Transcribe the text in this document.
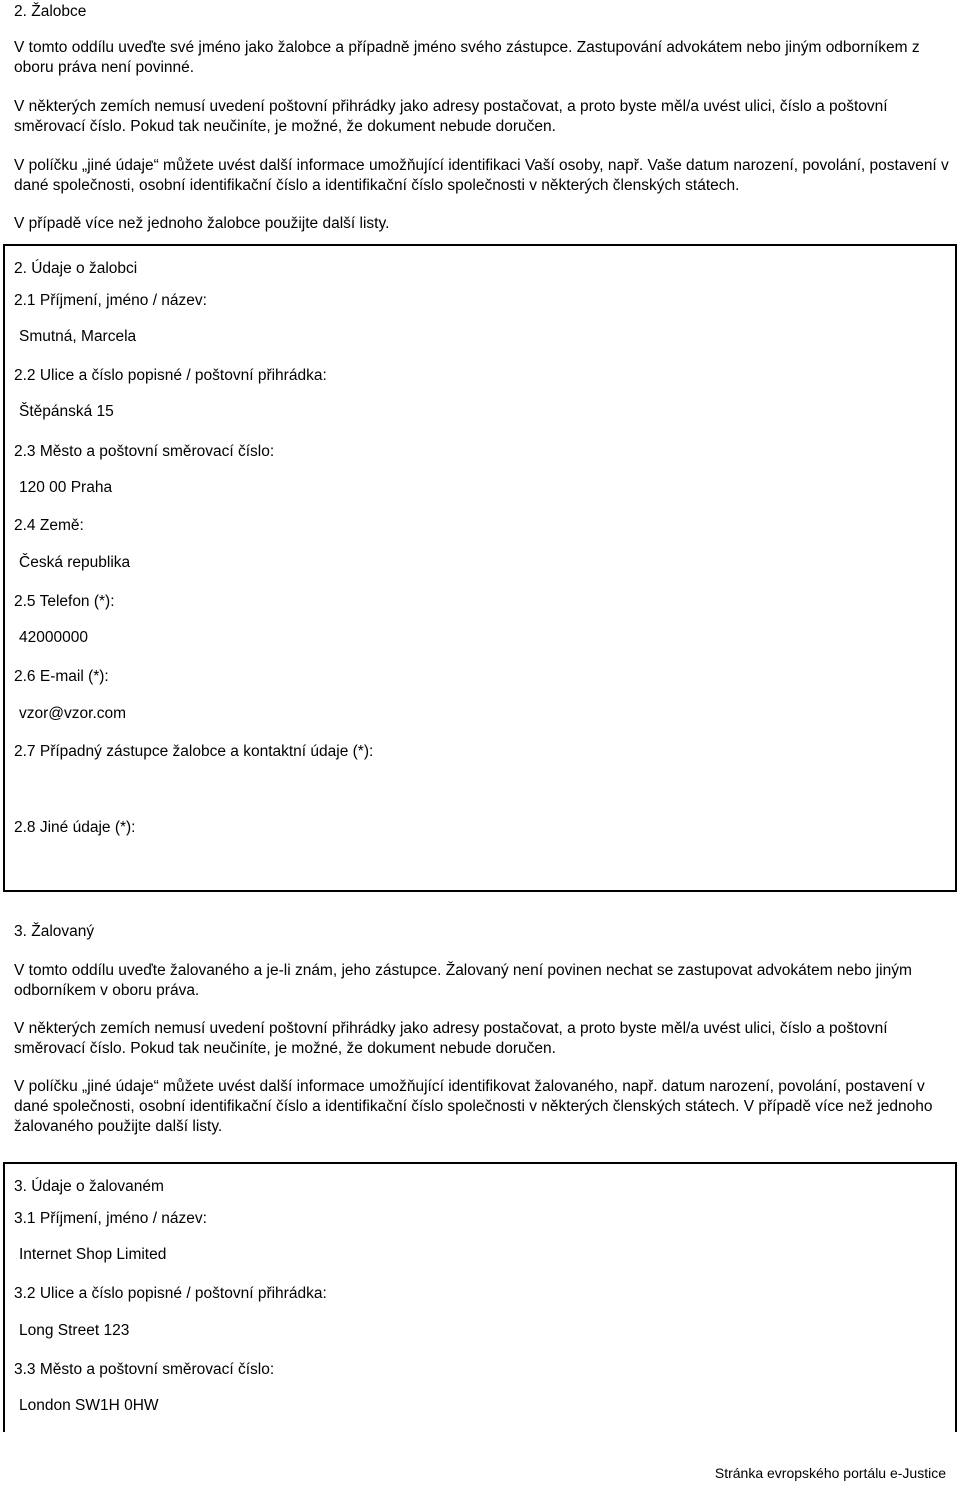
2. Žalobce
V tomto oddílu uveďte své jméno jako žalobce a případně jméno svého zástupce. Zastupování advokátem nebo jiným odborníkem z oboru práva není povinné.
V některých zemích nemusí uvedení poštovní přihrádky jako adresy postačovat, a proto byste měl/a uvést ulici, číslo a poštovní směrovací číslo. Pokud tak neučiníte, je možné, že dokument nebude doručen.
V políčku „jiné údaje“ můžete uvést další informace umožňující identifikaci Vaší osoby, např. Vaše datum narození, povolání, postavení v dané společnosti, osobní identifikační číslo a identifikační číslo společnosti v některých členských státech.
V případě více než jednoho žalobce použijte další listy.
2. Údaje o žalobci
2.1 Příjmení, jméno / název:
Smutná, Marcela
2.2 Ulice a číslo popisné / poštovní přihrádka:
Štěpánská 15
2.3 Město a poštovní směrovací číslo:
120 00 Praha
2.4 Země:
Česká republika
2.5 Telefon (*):
42000000
2.6 E-mail (*):
vzor@vzor.com
2.7 Případný zástupce žalobce a kontaktní údaje (*):
2.8 Jiné údaje (*):
3. Žalovaný
V tomto oddílu uveďte žalovaného a je-li znám, jeho zástupce. Žalovaný není povinen nechat se zastupovat advokátem nebo jiným odborníkem v oboru práva.
V některých zemích nemusí uvedení poštovní přihrádky jako adresy postačovat, a proto byste měl/a uvést ulici, číslo a poštovní směrovací číslo. Pokud tak neučiníte, je možné, že dokument nebude doručen.
V políčku „jiné údaje“ můžete uvést další informace umožňující identifikovat žalovaného, např. datum narození, povolání, postavení v dané společnosti, osobní identifikační číslo a identifikační číslo společnosti v některých členských státech. V případě více než jednoho žalovaného použijte další listy.
3. Údaje o žalovaném
3.1 Příjmení, jméno / název:
Internet Shop Limited
3.2 Ulice a číslo popisné / poštovní přihrádka:
Long Street 123
3.3 Město a poštovní směrovací číslo:
London SW1H 0HW
Stránka evropského portálu e-Justice
